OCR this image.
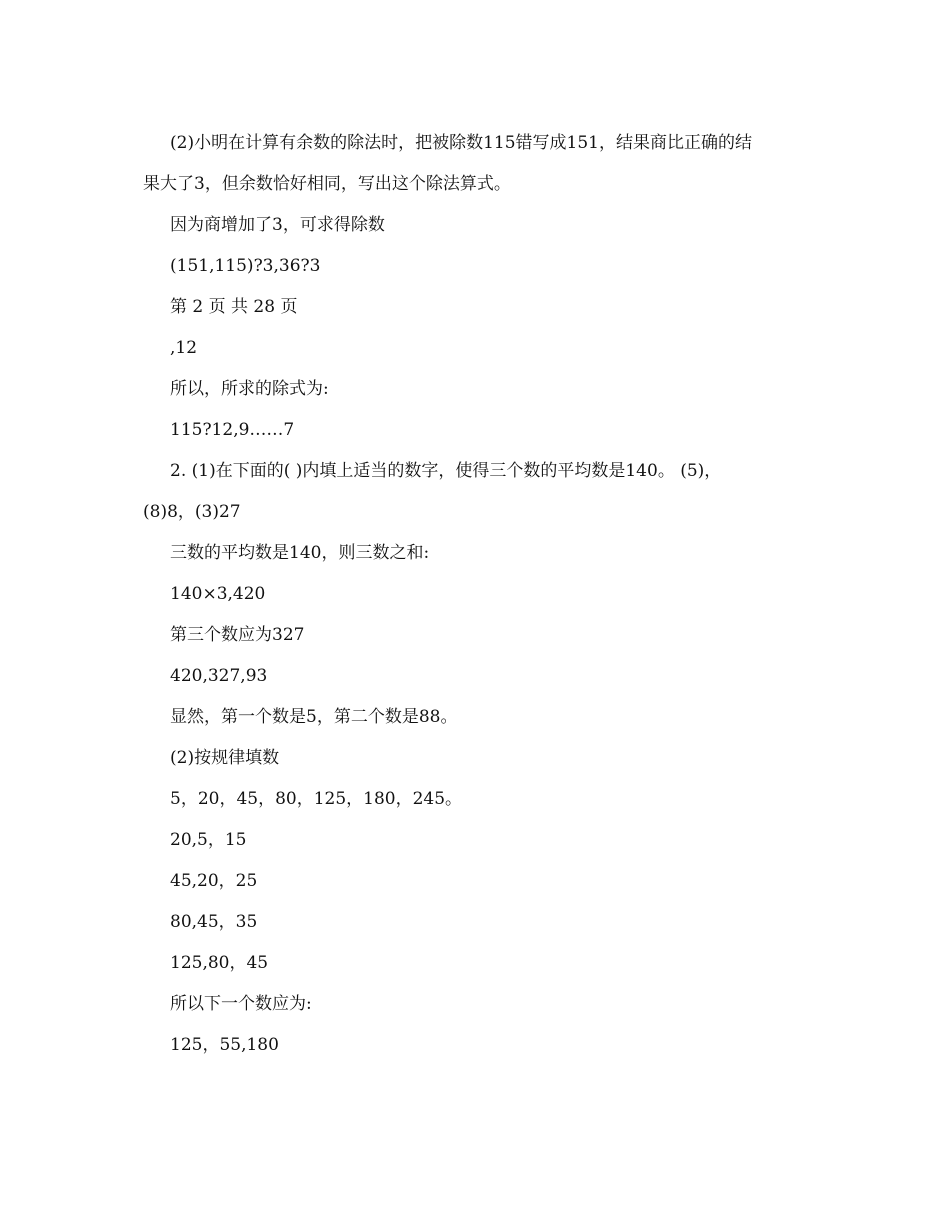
(2)小明在计算有余数的除法时，把被除数115错写成151，结果商比正确的结
果大了3，但余数恰好相同，写出这个除法算式。
因为商增加了3，可求得除数
(151,115)?3,36?3
第 2 页 共 28 页
,12
所以，所求的除式为:
115?12,9……7
2. (1)在下面的( )内填上适当的数字，使得三个数的平均数是140。 (5)，
(8)8，(3)27
三数的平均数是140，则三数之和:
140×3,420
第三个数应为327
420,327,93
显然，第一个数是5，第二个数是88。
(2)按规律填数
5，20，45，80，125，180，245。
20,5，15
45,20，25
80,45，35
125,80，45
所以下一个数应为:
125，55,180
